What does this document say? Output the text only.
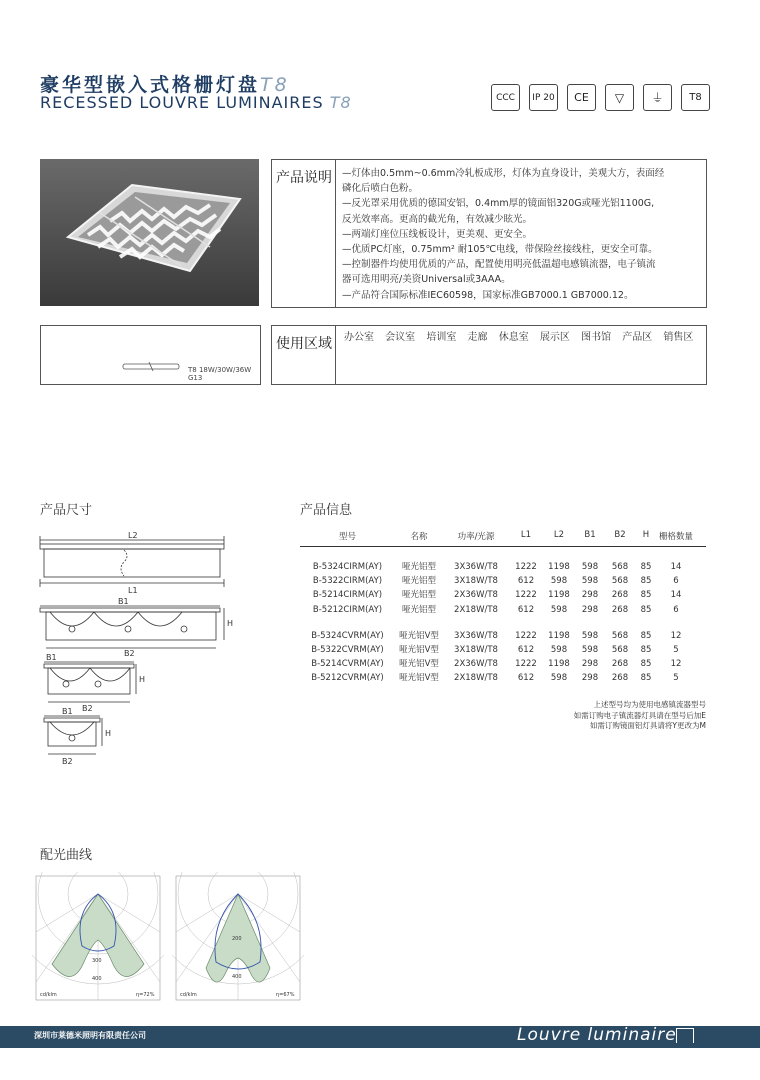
豪华型嵌入式格栅灯盘T8
RECESSED LOUVRE LUMINAIRES T8	CCC	IP 20	CE	▽	⏚	T8
产品说明	—灯体由0.5mm~0.6mm冷轧板成形，灯体为直身设计，美观大方，表面经
磷化后喷白色粉。
—反光罩采用优质的德国安铝，0.4mm厚的镜面铝320G或哑光铝1100G,
反光效率高。更高的截光角，有效减少眩光。
—两端灯座位压线板设计，更美观、更安全。
—优质PC灯座，0.75mm² 耐105℃电线，带保险丝接线柱，更安全可靠。
—控制器件均使用优质的产品，配置使用明亮低温超电感镇流器，电子镇流
器可选用明亮/美资Universal或3AAA。
—产品符合国际标准IEC60598，国家标准GB7000.1 GB7000.12。
T8 18W/30W/36W
G13
使用区域	办公室 会议室 培训室 走廊 休息室 展示区 图书馆 产品区 销售区
产品尺寸
L2
L1
B1
H
B2
B1
H
B2
B1
H
B2
产品信息
型号	名称	功率/光源	L1	L2	B1	B2	H	栅格数量
B-5324CIRM(AY)	哑光铝型	3X36W/T8	1222	1198	598	568	85	14
B-5322CIRM(AY)	哑光铝型	3X18W/T8	612	598	598	568	85	6
B-5214CIRM(AY)	哑光铝型	2X36W/T8	1222	1198	298	268	85	14
B-5212CIRM(AY)	哑光铝型	2X18W/T8	612	598	298	268	85	6
B-5324CVRM(AY)	哑光铝V型	3X36W/T8	1222	1198	598	568	85	12
B-5322CVRM(AY)	哑光铝V型	3X18W/T8	612	598	598	568	85	5
B-5214CVRM(AY)	哑光铝V型	2X36W/T8	1222	1198	298	268	85	12
B-5212CVRM(AY)	哑光铝V型	2X18W/T8	612	598	298	268	85	5
上述型号均为使用电感镇流器型号
如需订购电子镇流器灯具请在型号后加E
如需订购镜面铝灯具请将Y更改为M
配光曲线
300
400
cd/klm	η=72%
200
400
cd/klm	η=67%
深圳市莱德米照明有限责任公司	Louvre luminaire
